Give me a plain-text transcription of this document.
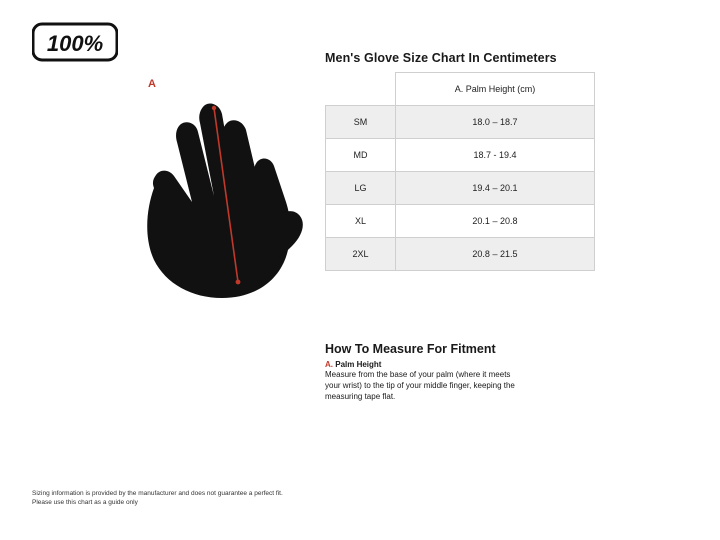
100%
A
Men's Glove Size Chart In Centimeters
	A. Palm Height (cm)
SM	18.0 – 18.7
MD	18.7 - 19.4
LG	19.4 – 20.1
XL	20.1 – 20.8
2XL	20.8 – 21.5
How To Measure For Fitment
A. Palm Height
Measure from the base of your palm (where it meets your wrist) to the tip of your middle finger, keeping the measuring tape flat.
Sizing information is provided by the manufacturer and does not guarantee a perfect fit.
Please use this chart as a guide only
